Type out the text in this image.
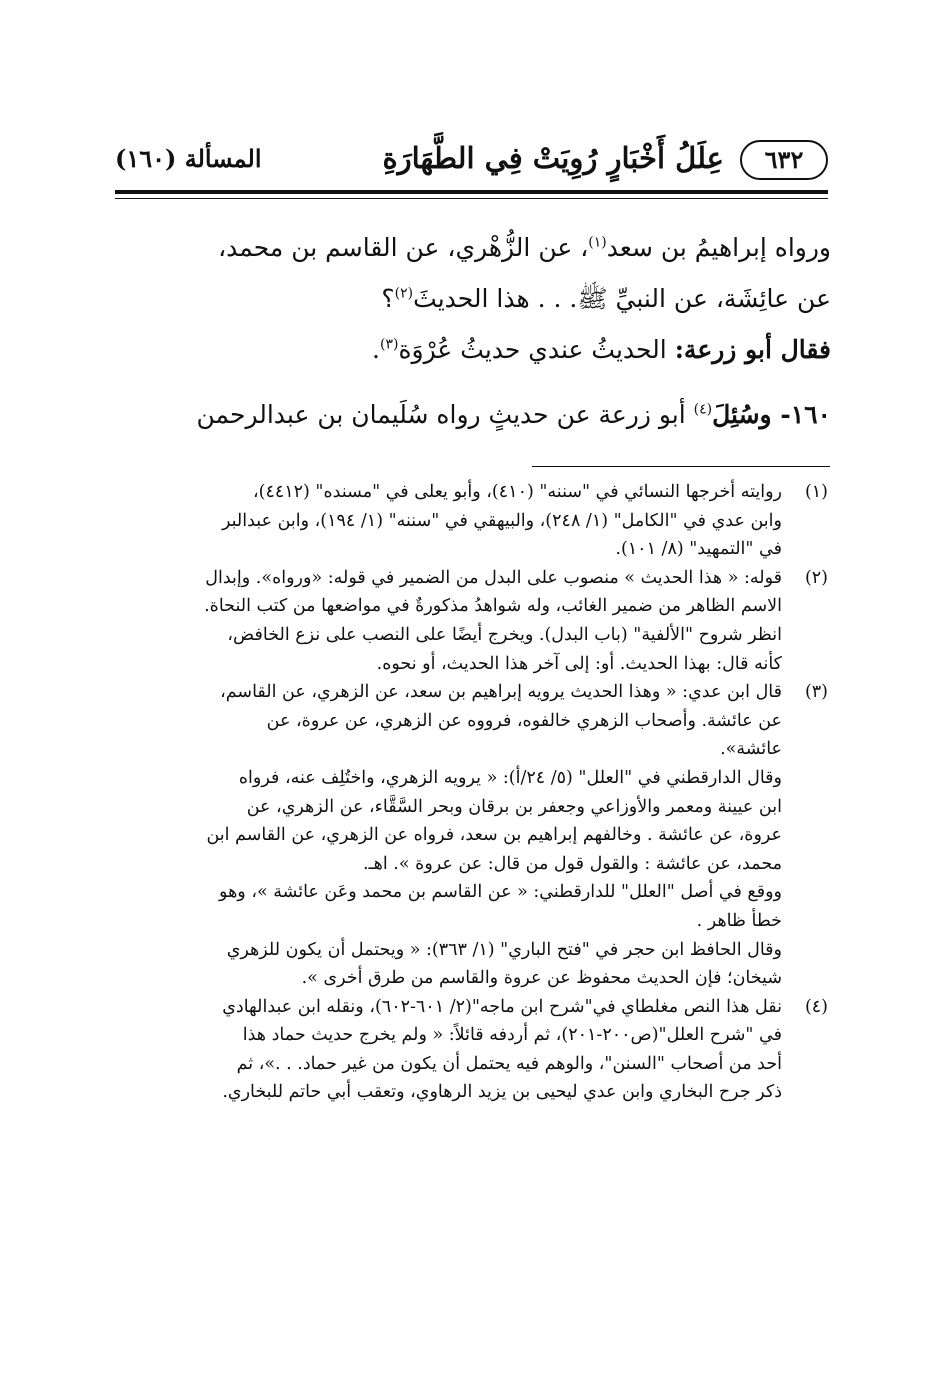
٦٣٢
عِلَلُ أَخْبَارٍ رُوِيَتْ فِي الطَّهَارَةِ
المسألة (١٦٠)

ورواه إبراهيمُ بن سعد$^{(١)}$، عن الزُّهْري، عن القاسم بن محمد،

عن عائِشَة، عن النبيِّ ﷺ. . . هذا الحديثَ$^{(٢)}$؟

فقال أبو زرعة: الحديثُ عندي حديثُ عُرْوَة$^{(٣)}$.

١٦٠- وسُئِلَ$^{(٤)}$ أبو زرعة عن حديثٍ رواه سُلَيمان بن عبدالرحمن

(١)
روايته أخرجها النسائي في "سننه" (٤١٠)، وأبو يعلى في "مسنده" (٤٤١٢)،
وابن عدي في "الكامل" (١/ ٢٤٨)، والبيهقي في "سننه" (١/ ١٩٤)، وابن عبدالبر
في "التمهيد" (٨/ ١٠١).
(٢)
قوله: « هذا الحديث » منصوب على البدل من الضمير في قوله: «ورواه». وإبدال
الاسم الظاهر من ضمير الغائب، وله شواهدُ مذكورةٌ في مواضعها من كتب النحاة.
انظر شروح "الألفية" (باب البدل). ويخرج أيضًا على النصب على نزع الخافض،
كأنه قال: بهذا الحديث. أو: إلى آخر هذا الحديث، أو نحوه.
(٣)
قال ابن عدي: « وهذا الحديث يرويه إبراهيم بن سعد، عن الزهري، عن القاسم،
عن عائشة. وأصحاب الزهري خالفوه، فرووه عن الزهري، عن عروة، عن
عائشة».
وقال الدارقطني في "العلل" (٥/ ٢٤/أ): « يرويه الزهري، واختُلِف عنه، فرواه
ابن عيينة ومعمر والأوزاعي وجعفر بن برقان وبحر السَّقَّاء، عن الزهري، عن
عروة، عن عائشة . وخالفهم إبراهيم بن سعد، فرواه عن الزهري، عن القاسم ابن
محمد، عن عائشة : والقول قول من قال: عن عروة ». اهـ.
ووقع في أصل "العلل" للدارقطني: « عن القاسم بن محمد وعَن عائشة »، وهو
خطأ ظاهر .
وقال الحافظ ابن حجر في "فتح الباري" (١/ ٣٦٣): « ويحتمل أن يكون للزهري
شيخان؛ فإن الحديث محفوظ عن عروة والقاسم من طرق أخرى ».
(٤)
نقل هذا النص مغلطاي في"شرح ابن ماجه"(٢/ ٦٠١-٦٠٢)، ونقله ابن عبدالهادي
في "شرح العلل"(ص٢٠٠-٢٠١)، ثم أردفه قائلاً: « ولم يخرج حديث حماد هذا
أحد من أصحاب "السنن"، والوهم فيه يحتمل أن يكون من غير حماد. . .»، ثم
ذكر جرح البخاري وابن عدي ليحيى بن يزيد الرهاوي، وتعقب أبي حاتم للبخاري.
